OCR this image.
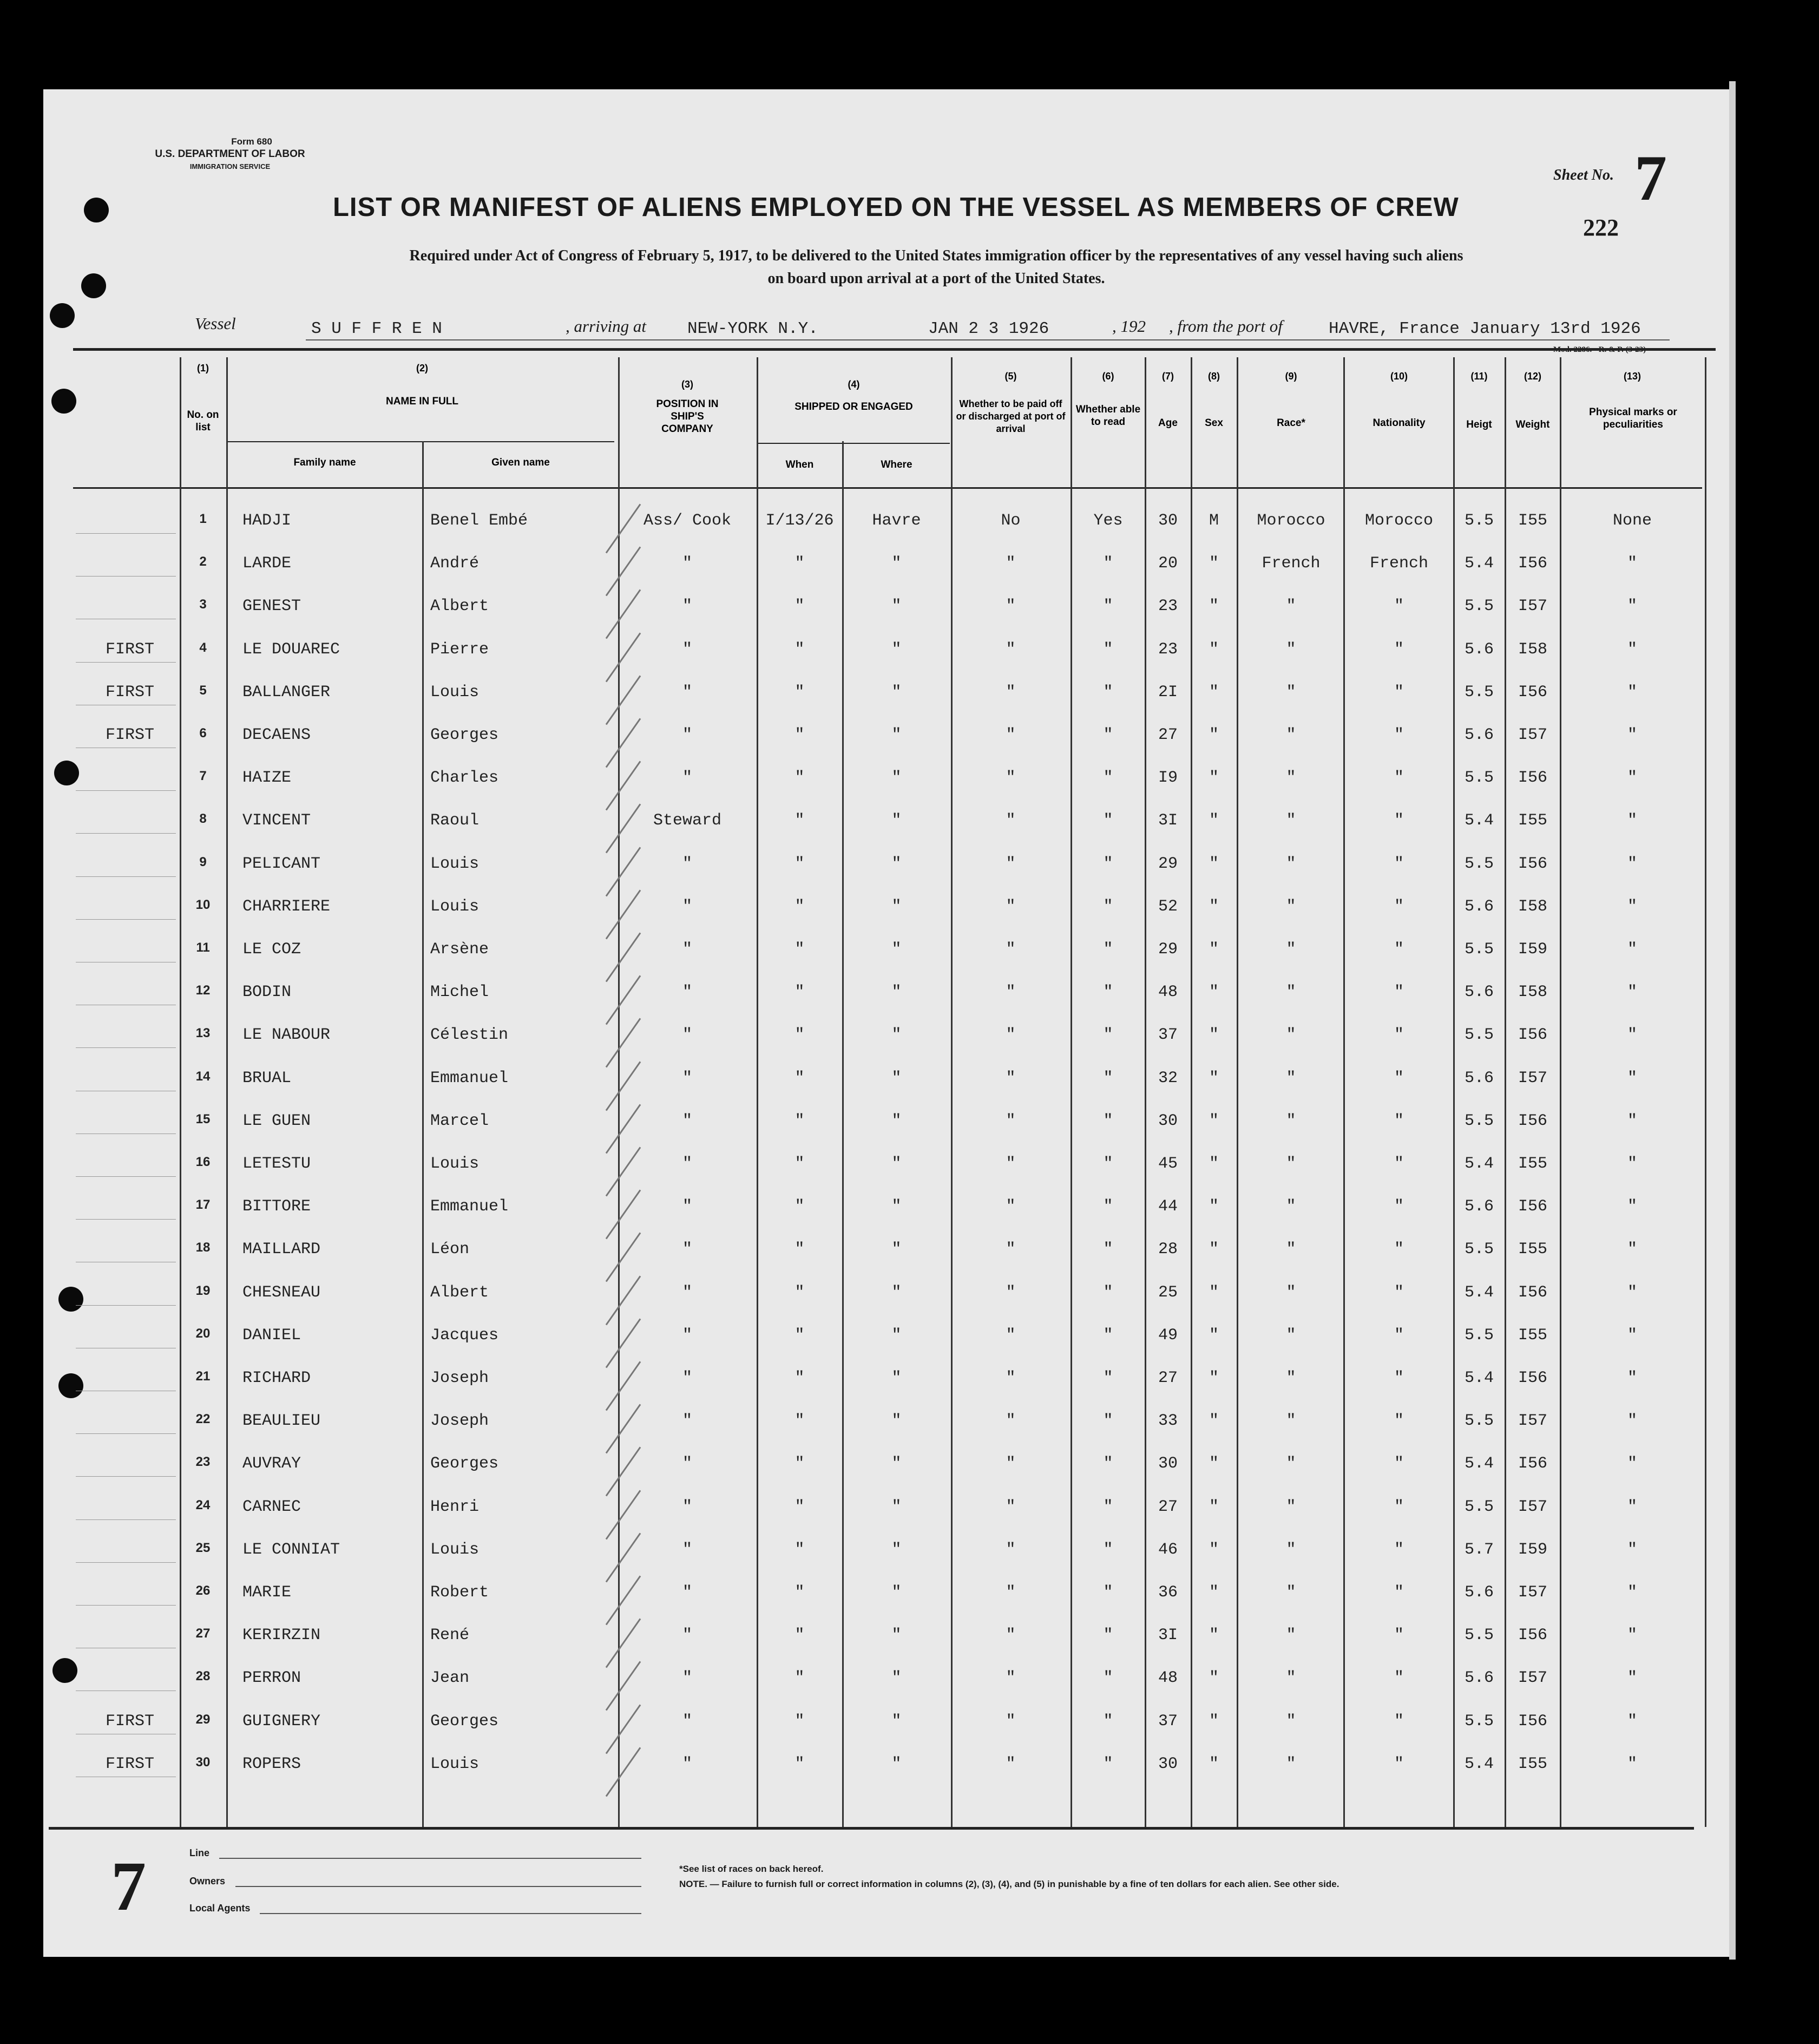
Form 680
U.S. DEPARTMENT OF LABOR
IMMIGRATION SERVICE
Sheet No. 7
222
LIST OR MANIFEST OF ALIENS EMPLOYED ON THE VESSEL AS MEMBERS OF CREW
Required under Act of Congress of February 5, 1917, to be delivered to the United States immigration officer by the representatives of any vessel having such aliens
on board upon arrival at a port of the United States.
Vessel	S U F F R E N	, arriving at NEW-YORK N.Y.	JAN 2 3 1926	, 192 , from the port of	HAVRE, France January 13rd 1926
(1)	(2)
(3)	(4)
(5)	(6)	(7)	(8)	(9)	(10)	(11)	(12)	(13)
No. on list
NAME IN FULL
Family name	Given name
POSITION IN SHIP'S COMPANY
SHIPPED OR ENGAGED
When	Where
Whether to be paid off or discharged at port of arrival
Whether able to read	Age	Sex	Race*	Nationality	Heigt	Weight
Physical marks or peculiarities
1	HADJI	Benel Embé	Ass/ Cook	I/13/26	Havre	No	Yes	30	M	Morocco	Morocco	5.5	I55	None
2	LARDE	André	"	"	"	"	"	20	"	French	French	5.4	I56	"
3	GENEST	Albert	"	"	"	"	"	23	"	"	"	5.5	I57	"
FIRST	4	LE DOUAREC	Pierre	"	"	"	"	"	23	"	"	"	5.6	I58	"
FIRST	5	BALLANGER	Louis	"	"	"	"	"	2I	"	"	"	5.5	I56	"
FIRST	6	DECAENS	Georges	"	"	"	"	"	27	"	"	"	5.6	I57	"
7	HAIZE	Charles	"	"	"	"	"	I9	"	"	"	5.5	I56	"
8	VINCENT	Raoul	Steward	"	"	"	"	3I	"	"	"	5.4	I55	"
9	PELICANT	Louis	"	"	"	"	"	29	"	"	"	5.5	I56	"
10	CHARRIERE	Louis	"	"	"	"	"	52	"	"	"	5.6	I58	"
11	LE COZ	Arsène	"	"	"	"	"	29	"	"	"	5.5	I59	"
12	BODIN	Michel	"	"	"	"	"	48	"	"	"	5.6	I58	"
13	LE NABOUR	Célestin	"	"	"	"	"	37	"	"	"	5.5	I56	"
14	BRUAL	Emmanuel	"	"	"	"	"	32	"	"	"	5.6	I57	"
15	LE GUEN	Marcel	"	"	"	"	"	30	"	"	"	5.5	I56	"
16	LETESTU	Louis	"	"	"	"	"	45	"	"	"	5.4	I55	"
17	BITTORE	Emmanuel	"	"	"	"	"	44	"	"	"	5.6	I56	"
18	MAILLARD	Léon	"	"	"	"	"	28	"	"	"	5.5	I55	"
19	CHESNEAU	Albert	"	"	"	"	"	25	"	"	"	5.4	I56	"
20	DANIEL	Jacques	"	"	"	"	"	49	"	"	"	5.5	I55	"
21	RICHARD	Joseph	"	"	"	"	"	27	"	"	"	5.4	I56	"
22	BEAULIEU	Joseph	"	"	"	"	"	33	"	"	"	5.5	I57	"
23	AUVRAY	Georges	"	"	"	"	"	30	"	"	"	5.4	I56	"
24	CARNEC	Henri	"	"	"	"	"	27	"	"	"	5.5	I57	"
25	LE CONNIAT	Louis	"	"	"	"	"	46	"	"	"	5.7	I59	"
26	MARIE	Robert	"	"	"	"	"	36	"	"	"	5.6	I57	"
27	KERIRZIN	René	"	"	"	"	"	3I	"	"	"	5.5	I56	"
28	PERRON	Jean	"	"	"	"	"	48	"	"	"	5.6	I57	"
FIRST	29	GUIGNERY	Georges	"	"	"	"	"	37	"	"	"	5.5	I56	"
FIRST	30	ROPERS	Louis	"	"	"	"	"	30	"	"	"	5.4	I55	"
7	Line
Owners
Local Agents
*See list of races on back hereof.
NOTE. — Failure to furnish full or correct information in columns (2), (3), (4), and (5) in punishable by a fine of ten dollars for each alien. See other side.
